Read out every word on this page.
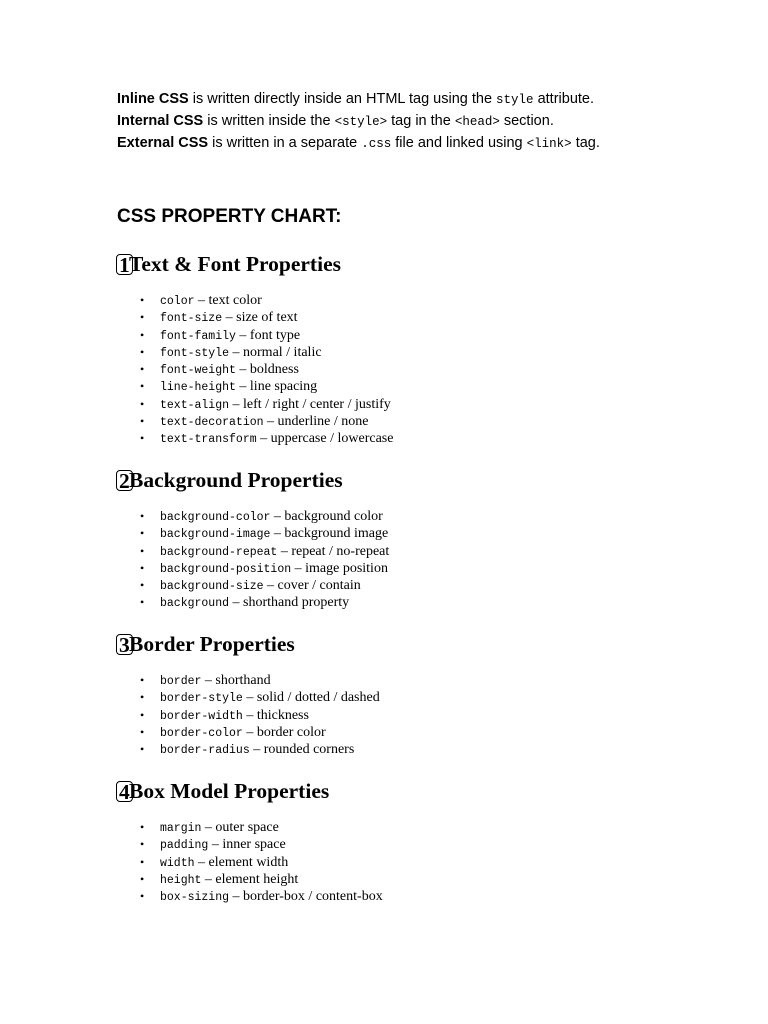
Inline CSS is written directly inside an HTML tag using the style attribute.
Internal CSS is written inside the <style> tag in the <head> section.
External CSS is written in a separate .css file and linked using <link> tag.
CSS PROPERTY CHART:
1Text & Font Properties
• color – text color
• font-size – size of text
• font-family – font type
• font-style – normal / italic
• font-weight – boldness
• line-height – line spacing
• text-align – left / right / center / justify
• text-decoration – underline / none
• text-transform – uppercase / lowercase
2Background Properties
• background-color – background color
• background-image – background image
• background-repeat – repeat / no-repeat
• background-position – image position
• background-size – cover / contain
• background – shorthand property
3Border Properties
• border – shorthand
• border-style – solid / dotted / dashed
• border-width – thickness
• border-color – border color
• border-radius – rounded corners
4Box Model Properties
• margin – outer space
• padding – inner space
• width – element width
• height – element height
• box-sizing – border-box / content-box
